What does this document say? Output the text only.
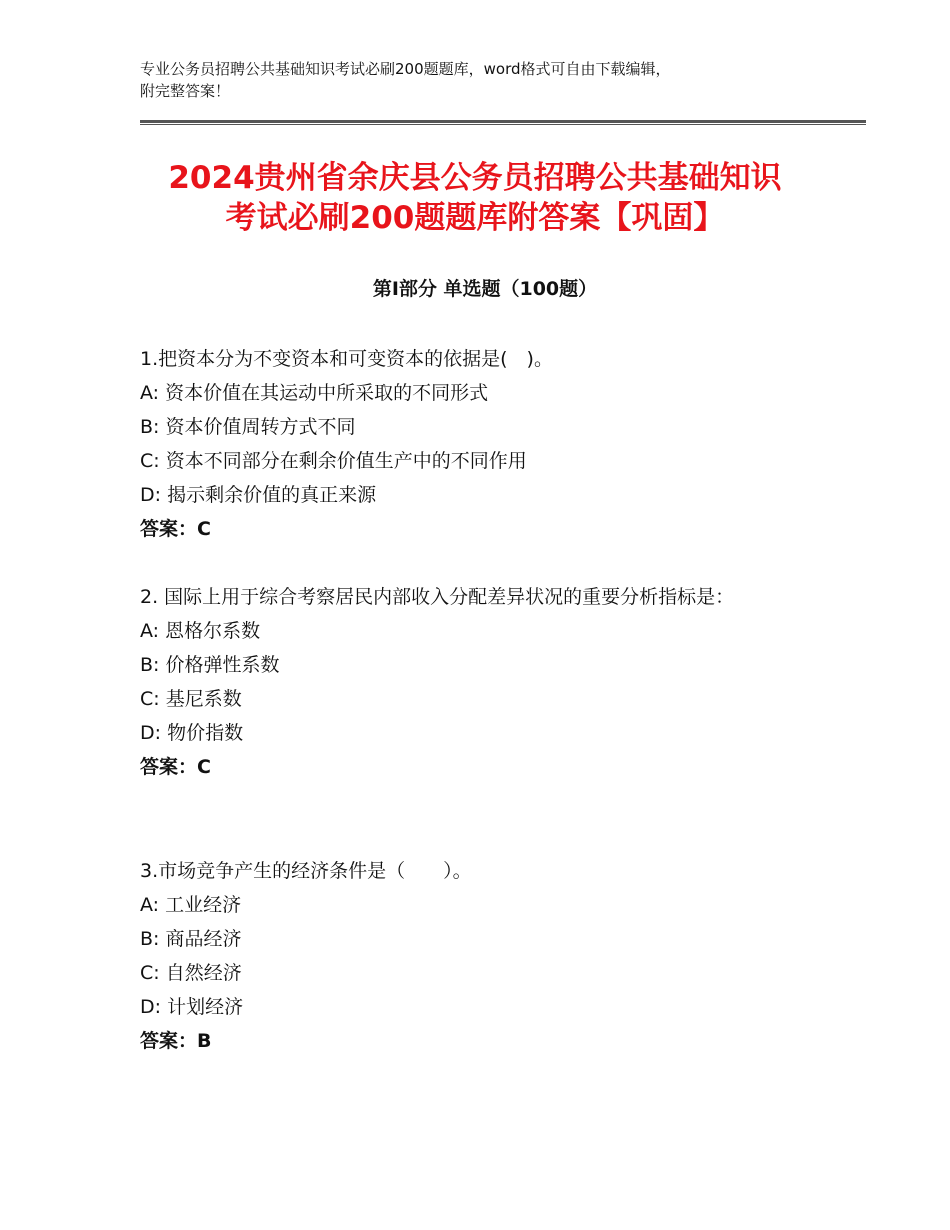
专业公务员招聘公共基础知识考试必刷200题题库，word格式可自由下载编辑，
附完整答案！
2024贵州省余庆县公务员招聘公共基础知识
考试必刷200题题库附答案【巩固】
第Ⅰ部分 单选题（100题）
1.把资本分为不变资本和可变资本的依据是(　)。
A: 资本价值在其运动中所采取的不同形式
B: 资本价值周转方式不同
C: 资本不同部分在剩余价值生产中的不同作用
D: 揭示剩余价值的真正来源
答案：C
2. 国际上用于综合考察居民内部收入分配差异状况的重要分析指标是：
A: 恩格尔系数
B: 价格弹性系数
C: 基尼系数
D: 物价指数
答案：C
3.市场竞争产生的经济条件是（　　）。
A: 工业经济
B: 商品经济
C: 自然经济
D: 计划经济
答案：B
